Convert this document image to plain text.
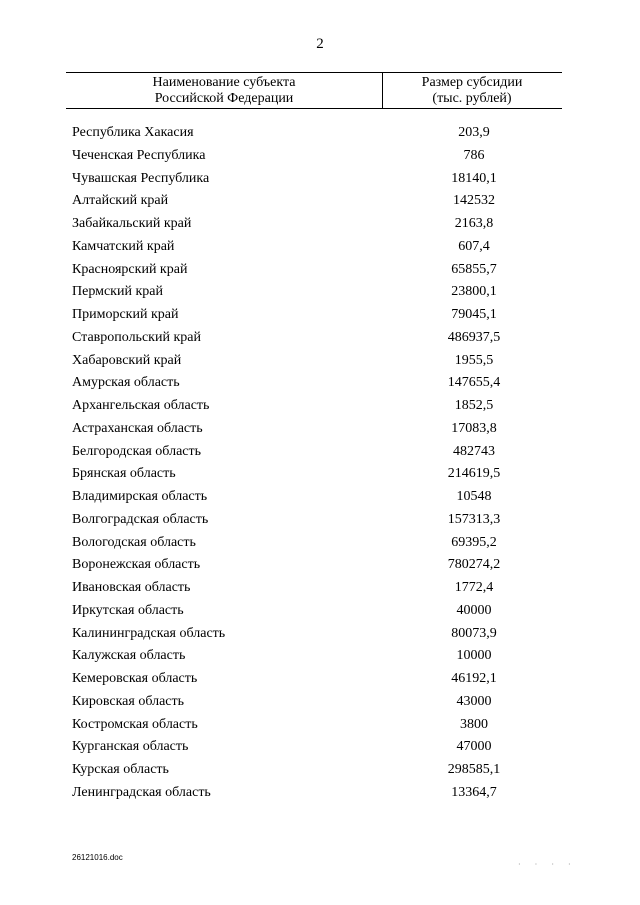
2
Наименование субъекта
Российской Федерации
Размер субсидии
(тыс. рублей)
Республика Хакасия	203,9
Чеченская Республика	786
Чувашская Республика	18140,1
Алтайский край	142532
Забайкальский край	2163,8
Камчатский край	607,4
Красноярский край	65855,7
Пермский край	23800,1
Приморский край	79045,1
Ставропольский край	486937,5
Хабаровский край	1955,5
Амурская область	147655,4
Архангельская область	1852,5
Астраханская область	17083,8
Белгородская область	482743
Брянская область	214619,5
Владимирская область	10548
Волгоградская область	157313,3
Вологодская область	69395,2
Воронежская область	780274,2
Ивановская область	1772,4
Иркутская область	40000
Калининградская область	80073,9
Калужская область	10000
Кемеровская область	46192,1
Кировская область	43000
Костромская область	3800
Курганская область	47000
Курская область	298585,1
Ленинградская область	13364,7
26121016.doc
· · · ·
